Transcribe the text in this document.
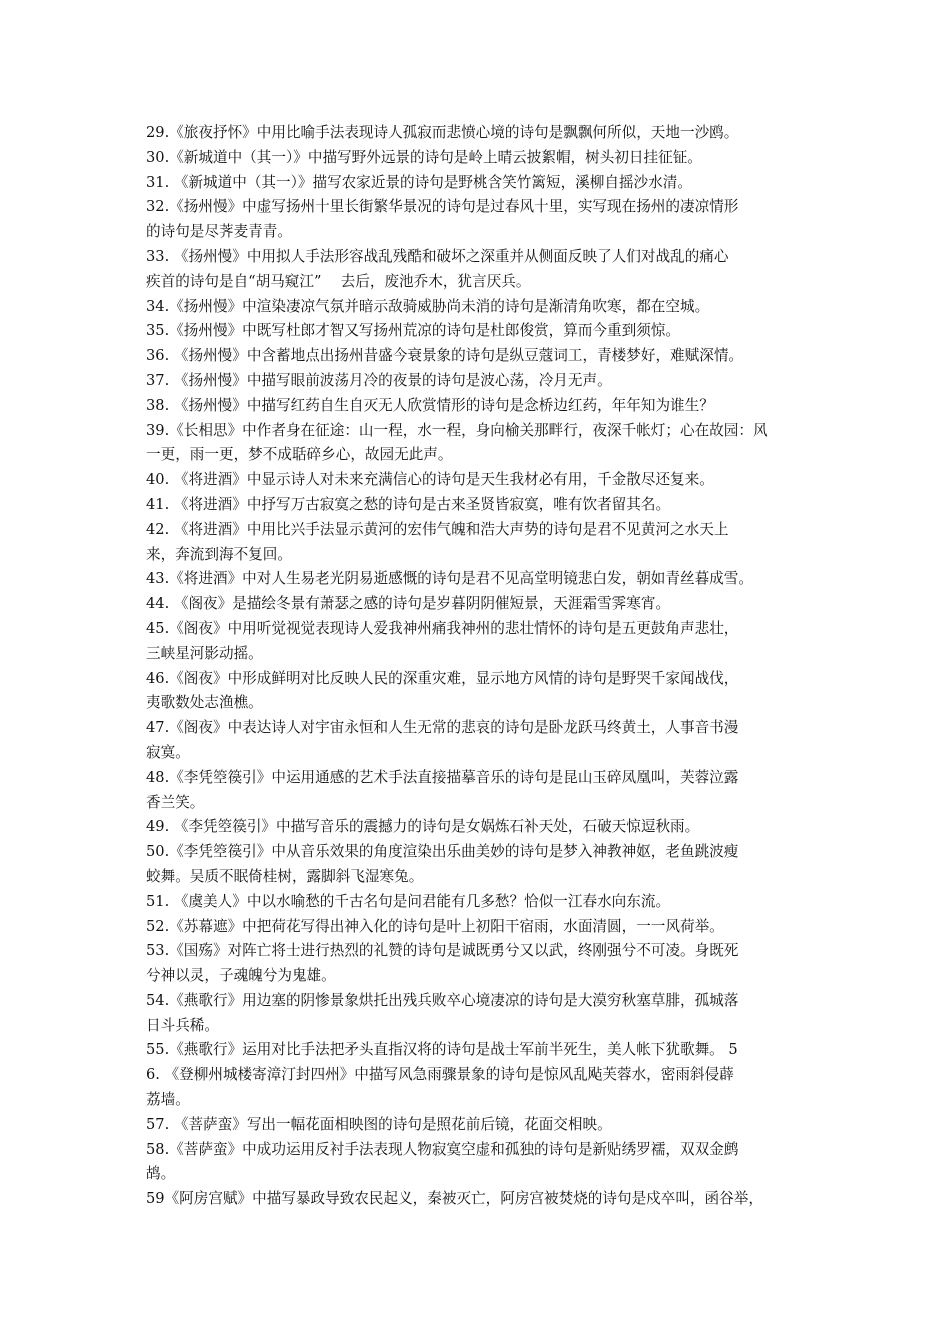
29.《旅夜抒怀》中用比喻手法表现诗人孤寂而悲愤心境的诗句是飘飘何所似，天地一沙鸥。
30.《新城道中（其一）》中描写野外远景的诗句是岭上晴云披絮帽，树头初日挂征钲。
31. 《新城道中（其一）》描写农家近景的诗句是野桃含笑竹篱短，溪柳自摇沙水清。
32.《扬州慢》中虚写扬州十里长街繁华景况的诗句是过春风十里，实写现在扬州的凄凉情形
的诗句是尽荠麦青青。
33. 《扬州慢》中用拟人手法形容战乱残酷和破坏之深重并从侧面反映了人们对战乱的痛心
疾首的诗句是自“胡马窥江”　 去后，废池乔木，犹言厌兵。
34.《扬州慢》中渲染凄凉气氛并暗示敌骑威胁尚未消的诗句是渐清角吹寒，都在空城。
35.《扬州慢》中既写杜郎才智又写扬州荒凉的诗句是杜郎俊赏，算而今重到须惊。
36. 《扬州慢》中含蓄地点出扬州昔盛今衰景象的诗句是纵豆蔻词工，青楼梦好，难赋深情。
37. 《扬州慢》中描写眼前波荡月冷的夜景的诗句是波心荡，冷月无声。
38. 《扬州慢》中描写红药自生自灭无人欣赏情形的诗句是念桥边红药，年年知为谁生？
39.《长相思》中作者身在征途：山一程，水一程，身向榆关那畔行，夜深千帐灯；心在故园：风
一更，雨一更，梦不成聒碎乡心，故园无此声。
40. 《将进酒》中显示诗人对未来充满信心的诗句是天生我材必有用，千金散尽还复来。
41. 《将进酒》中抒写万古寂寞之愁的诗句是古来圣贤皆寂寞，唯有饮者留其名。
42. 《将进酒》中用比兴手法显示黄河的宏伟气魄和浩大声势的诗句是君不见黄河之水天上
来，奔流到海不复回。
43.《将进酒》中对人生易老光阴易逝感慨的诗句是君不见高堂明镜悲白发，朝如青丝暮成雪。
44. 《阁夜》是描绘冬景有萧瑟之感的诗句是岁暮阴阴催短景，天涯霜雪霁寒宵。
45.《阁夜》中用听觉视觉表现诗人爱我神州痛我神州的悲壮情怀的诗句是五更鼓角声悲壮，
三峡星河影动摇。
46.《阁夜》中形成鲜明对比反映人民的深重灾难，显示地方风情的诗句是野哭千家闻战伐，
夷歌数处志渔樵。
47.《阁夜》中表达诗人对宇宙永恒和人生无常的悲哀的诗句是卧龙跃马终黄土，人事音书漫
寂寞。
48.《李凭箜篌引》中运用通感的艺术手法直接描摹音乐的诗句是昆山玉碎凤凰叫，芙蓉泣露
香兰笑。
49. 《李凭箜篌引》中描写音乐的震撼力的诗句是女娲炼石补天处，石破天惊逗秋雨。
50.《李凭箜篌引》中从音乐效果的角度渲染出乐曲美妙的诗句是梦入神教神妪，老鱼跳波瘦
蛟舞。吴质不眠倚桂树，露脚斜飞湿寒兔。
51. 《虞美人》中以水喻愁的千古名句是问君能有几多愁？恰似一江春水向东流。
52.《苏幕遮》中把荷花写得出神入化的诗句是叶上初阳干宿雨，水面清圆，一一风荷举。
53.《国殇》对阵亡将士进行热烈的礼赞的诗句是诚既勇兮又以武，终刚强兮不可凌。身既死
兮神以灵，子魂魄兮为鬼雄。
54.《燕歌行》用边塞的阴惨景象烘托出残兵败卒心境凄凉的诗句是大漠穷秋塞草腓，孤城落
日斗兵稀。
55.《燕歌行》运用对比手法把矛头直指汉将的诗句是战士军前半死生，美人帐下犹歌舞。 5
6. 《登柳州城楼寄漳汀封四州》中描写风急雨骤景象的诗句是惊风乱飐芙蓉水，密雨斜侵薜
荔墙。
57. 《菩萨蛮》写出一幅花面相映图的诗句是照花前后镜，花面交相映。
58.《菩萨蛮》中成功运用反衬手法表现人物寂寞空虚和孤独的诗句是新贴绣罗襦，双双金鹧
鸪。
59《阿房宫赋》中描写暴政导致农民起义，秦被灭亡，阿房宫被焚烧的诗句是戍卒叫，函谷举，
